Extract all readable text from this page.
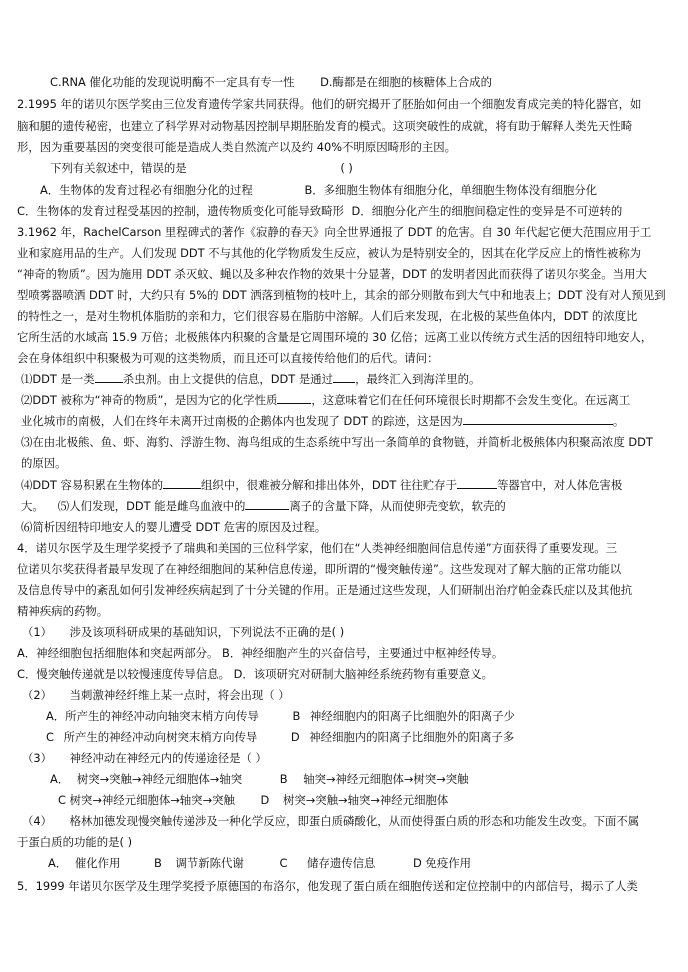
C.RNA 催化功能的发现说明酶不一定具有专一性 D.酶都是在细胞的核糖体上合成的
2.1995 年的诺贝尔医学奖由三位发育遗传学家共同获得。他们的研究揭开了胚胎如何由一个细胞发育成完美的特化器官，如
脑和腿的遗传秘密，也建立了科学界对动物基因控制早期胚胎发育的模式。这项突破性的成就，将有助于解释人类先天性畸
形，因为重要基因的突变很可能是造成人类自然流产以及约 40%不明原因畸形的主因。
下列有关叙述中，错误的是	( )
A．生物体的发育过程必有细胞分化的过程	B．多细胞生物体有细胞分化，单细胞生物体没有细胞分化
C．生物体的发育过程受基因的控制，遗传物质变化可能导致畸形 D．细胞分化产生的细胞间稳定性的变异是不可逆转的
3.1962 年，RachelCarson 里程碑式的著作《寂静的春天》向全世界通报了 DDT 的危害。自 30 年代起它便大范围应用于工
业和家庭用品的生产。人们发现 DDT 不与其他的化学物质发生反应，被认为是特别安全的，因其在化学反应上的惰性被称为
“神奇的物质”。因为施用 DDT 杀灭蚊、蝇以及多种农作物的效果十分显著，DDT 的发明者因此而获得了诺贝尔奖金。当用大
型喷雾器喷洒 DDT 时，大约只有 5%的 DDT 洒落到植物的枝叶上，其余的部分则散布到大气中和地表上；DDT 没有对人预见到
的特性之一，是对生物机体脂肪的亲和力，它们很容易在脂肪中溶解。人们后来发现，在北极的某些鱼体内，DDT 的浓度比
它所生活的水域高 15.9 万倍；北极熊体内积聚的含量是它周围环境的 30 亿倍；远离工业以传统方式生活的因纽特印地安人，
会在身体组织中积聚极为可观的这类物质，而且还可以直接传给他们的后代。请问：
⑴DDT 是一类 杀虫剂。由上文提供的信息，DDT 是通过 ，最终汇入到海洋里的。
⑵DDT 被称为“神奇的物质”，是因为它的化学性质	，这意味着它们在任何环境很长时期都不会发生变化。在远离工
业化城市的南极，人们在终年未离开过南极的企鹅体内也发现了 DDT 的踪迹，这是因为	。
⑶在由北极熊、鱼、虾、海豹、浮游生物、海鸟组成的生态系统中写出一条简单的食物链，并简析北极熊体内积聚高浓度 DDT
的原因。
⑷DDT 容易积累在生物体的	组织中，很难被分解和排出体外，DDT 往往贮存于	等器官中，对人体危害极
大。 ⑸人们发现，DDT 能是雌鸟血液中的	离子的含量下降，从而使卵壳变软，软壳的
⑹简析因纽特印地安人的婴儿遭受 DDT 危害的原因及过程。
4．诺贝尔医学及生理学奖授予了瑞典和美国的三位科学家，他们在“人类神经细胞间信息传递”方面获得了重要发现。三
位诺贝尔奖获得者最早发现了在神经细胞间的某种信息传递，即所谓的“慢突触传递”。这些发现对了解大脑的正常功能以
及信息传导中的紊乱如何引发神经疾病起到了十分关键的作用。正是通过这些发现，人们研制出治疗帕金森氏症以及其他抗
精神疾病的药物。
（1） 涉及该项科研成果的基础知识，下列说法不正确的是( )
A．神经细胞包括细胞体和突起两部分。 B．神经细胞产生的兴奋信号，主要通过中枢神经传导。
C．慢突触传递就是以较慢速度传导信息。 D．该项研究对研制大脑神经系统药物有重要意义。
（2） 当刺激神经纤维上某一点时，将会出现（ ）
A．所产生的神经冲动向轴突末梢方向传导	B 神经细胞内的阳离子比细胞外的阳离子少
C 所产生的神经冲动向树突末梢方向传导	D 神经细胞内的阳离子比细胞外的阳离子多
（3） 神经冲动在神经元内的传递途径是（ ）
A． 树突→突触→神经元细胞体→轴突	B 轴突→神经元细胞体→树突→突触
C 树突→神经元细胞体→轴突→突触 D 树突→突触→轴突→神经元细胞体
（4） 格林加德发现慢突触传递涉及一种化学反应，即蛋白质磷酸化，从而使得蛋白质的形态和功能发生改变。下面不属
于蛋白质的功能的是( )
A． 催化作用	B 调节新陈代谢	C 储存遗传信息	D 免疫作用
5．1999 年诺贝尔医学及生理学奖授予原德国的布洛尔，他发现了蛋白质在细胞传送和定位控制中的内部信号，揭示了人类
